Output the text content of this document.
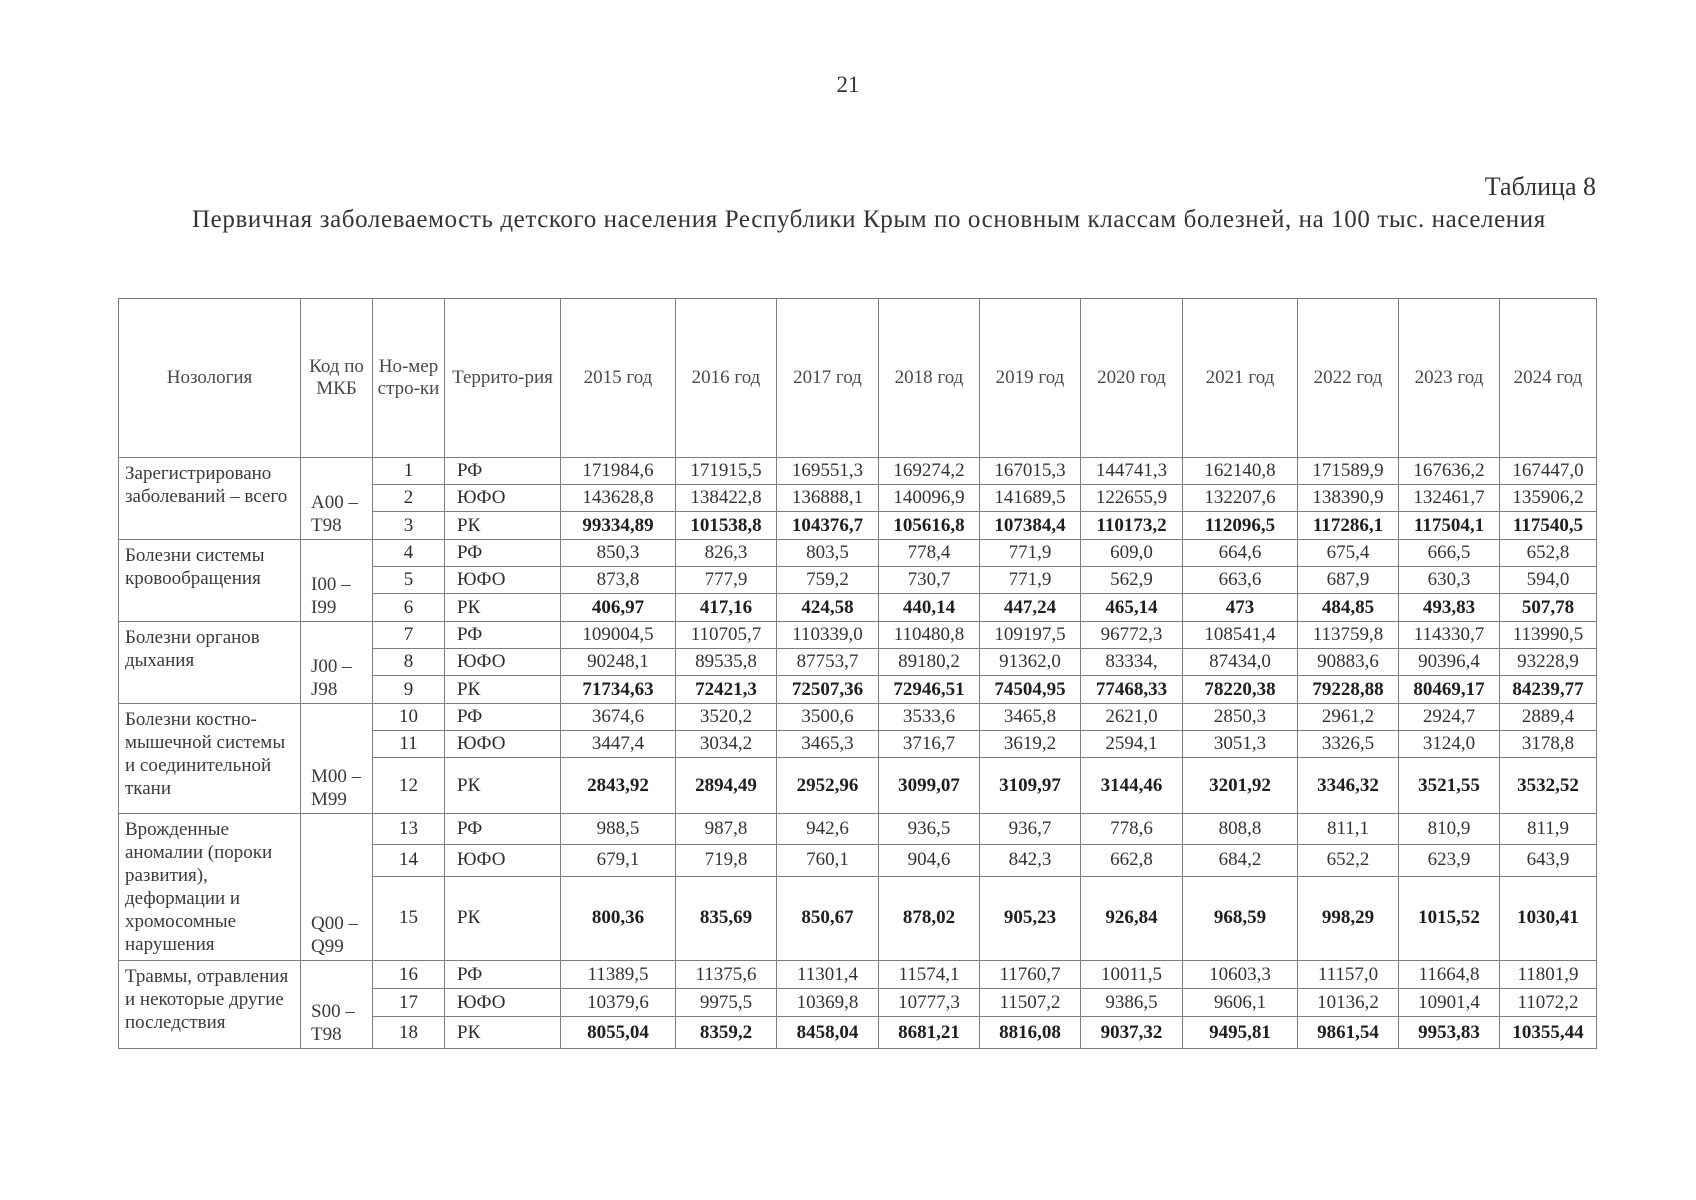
21
Таблица 8
Первичная заболеваемость детского населения Республики Крым по основным классам болезней, на 100 тыс. населения
Нозология	Код по МКБ	Но-мер стро-ки	Террито-рия	2015 год	2016 год	2017 год	2018 год	2019 год	2020 год	2021 год	2022 год	2023 год	2024 год
Зарегистрировано заболеваний – всего	A00 – T98	1	РФ	171984,6	171915,5	169551,3	169274,2	167015,3	144741,3	162140,8	171589,9	167636,2	167447,0
		2	ЮФО	143628,8	138422,8	136888,1	140096,9	141689,5	122655,9	132207,6	138390,9	132461,7	135906,2
		3	РК	99334,89	101538,8	104376,7	105616,8	107384,4	110173,2	112096,5	117286,1	117504,1	117540,5
Болезни системы кровообращения	I00 – I99	4	РФ	850,3	826,3	803,5	778,4	771,9	609,0	664,6	675,4	666,5	652,8
		5	ЮФО	873,8	777,9	759,2	730,7	771,9	562,9	663,6	687,9	630,3	594,0
		6	РК	406,97	417,16	424,58	440,14	447,24	465,14	473	484,85	493,83	507,78
Болезни органов дыхания	J00 – J98	7	РФ	109004,5	110705,7	110339,0	110480,8	109197,5	96772,3	108541,4	113759,8	114330,7	113990,5
		8	ЮФО	90248,1	89535,8	87753,7	89180,2	91362,0	83334,	87434,0	90883,6	90396,4	93228,9
		9	РК	71734,63	72421,3	72507,36	72946,51	74504,95	77468,33	78220,38	79228,88	80469,17	84239,77
Болезни костно-мышечной системы и соединительной ткани	M00 – M99	10	РФ	3674,6	3520,2	3500,6	3533,6	3465,8	2621,0	2850,3	2961,2	2924,7	2889,4
		11	ЮФО	3447,4	3034,2	3465,3	3716,7	3619,2	2594,1	3051,3	3326,5	3124,0	3178,8
		12	РК	2843,92	2894,49	2952,96	3099,07	3109,97	3144,46	3201,92	3346,32	3521,55	3532,52
Врожденные аномалии (пороки развития), деформации и хромосомные нарушения	Q00 – Q99	13	РФ	988,5	987,8	942,6	936,5	936,7	778,6	808,8	811,1	810,9	811,9
		14	ЮФО	679,1	719,8	760,1	904,6	842,3	662,8	684,2	652,2	623,9	643,9
		15	РК	800,36	835,69	850,67	878,02	905,23	926,84	968,59	998,29	1015,52	1030,41
Травмы, отравления и некоторые другие последствия	S00 – T98	16	РФ	11389,5	11375,6	11301,4	11574,1	11760,7	10011,5	10603,3	11157,0	11664,8	11801,9
		17	ЮФО	10379,6	9975,5	10369,8	10777,3	11507,2	9386,5	9606,1	10136,2	10901,4	11072,2
		18	РК	8055,04	8359,2	8458,04	8681,21	8816,08	9037,32	9495,81	9861,54	9953,83	10355,44
